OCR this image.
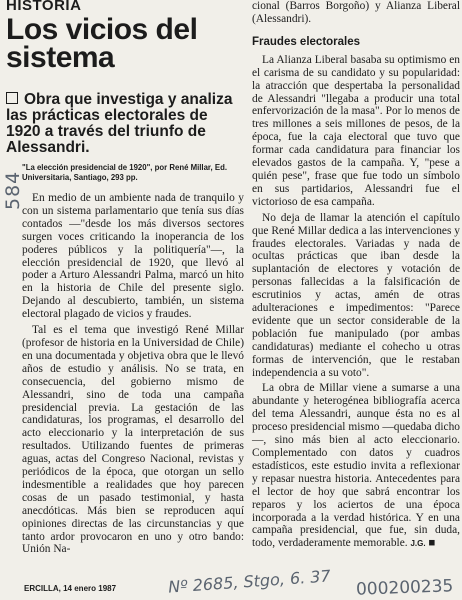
HISTORIA
Los vicios del sistema
Obra que investiga y analiza las prácticas electorales de 1920 a través del triunfo de Alessandri.
"La elección presidencial de 1920", por René Millar, Ed. Universitaria, Santiago, 293 pp.

En medio de un ambiente nada de tranquilo y con un sistema parlamentario que tenía sus días contados —"desde los más diversos sectores surgen voces criticando la inoperancia de los poderes públicos y la politiquería"—, la elección presidencial de 1920, que llevó al poder a Arturo Alessandri Palma, marcó un hito en la historia de Chile del presente siglo. Dejando al descubierto, también, un sistema electoral plagado de vicios y fraudes.

Tal es el tema que investigó René Millar (profesor de historia en la Universidad de Chile) en una documentada y objetiva obra que le llevó años de estudio y análisis. No se trata, en consecuencia, del gobierno mismo de Alessandri, sino de toda una campaña presidencial previa. La gestación de las candidaturas, los programas, el desarrollo del acto eleccionario y la interpretación de sus resultados. Utilizando fuentes de primeras aguas, actas del Congreso Nacional, revistas y periódicos de la época, que otorgan un sello indesmentible a realidades que hoy parecen cosas de un pasado testimonial, y hasta anecdóticas. Más bien se reproducen aquí opiniones directas de las circunstancias y que tanto ardor provocaron en uno y otro bando: Unión Na-

cional (Barros Borgoño) y Alianza Liberal (Alessandri).

Fraudes electorales

La Alianza Liberal basaba su optimismo en el carisma de su candidato y su popularidad: la atracción que despertaba la personalidad de Alessandri "llegaba a producir una total enfervorización de la masa". Por lo menos de tres millones a seis millones de pesos, de la época, fue la caja electoral que tuvo que formar cada candidatura para financiar los elevados gastos de la campaña. Y, "pese a quién pese", frase que fue todo un símbolo en sus partidarios, Alessandri fue el victorioso de esa campaña.

No deja de llamar la atención el capítulo que René Millar dedica a las intervenciones y fraudes electorales. Variadas y nada de ocultas prácticas que iban desde la suplantación de electores y votación de personas fallecidas a la falsificación de escrutinios y actas, amén de otras adulteraciones e impedimentos: "Parece evidente que un sector considerable de la población fue manipulado (por ambas candidaturas) mediante el cohecho u otras formas de intervención, que le restaban independencia a su voto".

La obra de Millar viene a sumarse a una abundante y heterogénea bibliografía acerca del tema Alessandri, aunque ésta no es al proceso presidencial mismo —quedaba dicho—, sino más bien al acto eleccionario. Complementado con datos y cuadros estadísticos, este estudio invita a reflexionar y repasar nuestra historia. Antecedentes para el lector de hoy que sabrá encontrar los reparos y los aciertos de una época incorporada a la verdad histórica. Y en una campaña presidencial, que fue, sin duda, todo, verdaderamente memorable. J.G. ■

ERCILLA, 14 enero 1987
584
Nº 2685, Stgo, 6. 37 000200235
